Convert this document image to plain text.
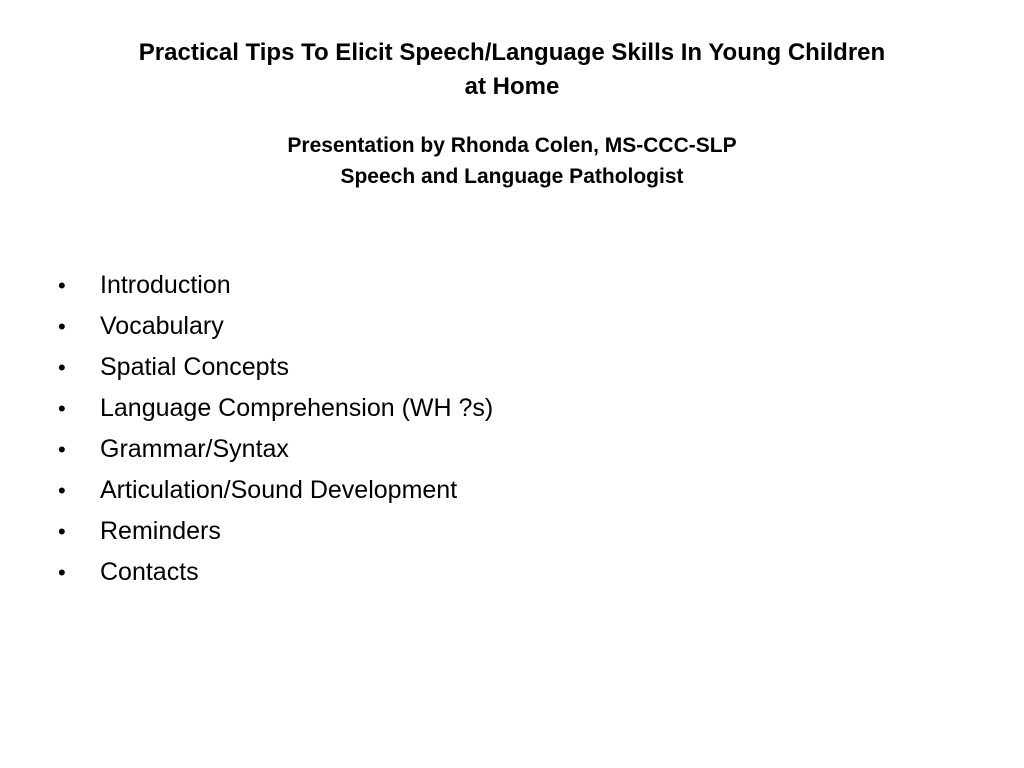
Practical Tips To Elicit Speech/Language Skills In Young Children
at Home
Presentation by Rhonda Colen, MS-CCC-SLP
Speech and Language Pathologist
• Introduction
• Vocabulary
• Spatial Concepts
• Language Comprehension (WH ?s)
• Grammar/Syntax
• Articulation/Sound Development
• Reminders
• Contacts
